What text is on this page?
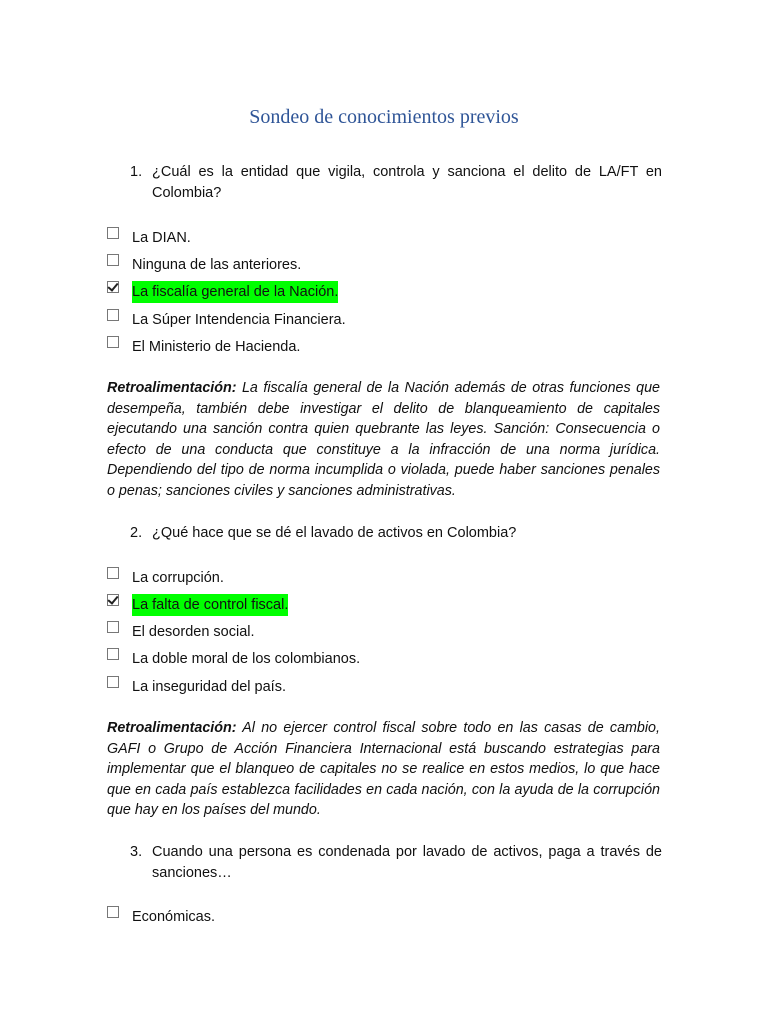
Sondeo de conocimientos previos
1. ¿Cuál es la entidad que vigila, controla y sanciona el delito de LA/FT en Colombia?
La DIAN.
Ninguna de las anteriores.
La fiscalía general de la Nación.
La Súper Intendencia Financiera.
El Ministerio de Hacienda.
Retroalimentación: La fiscalía general de la Nación además de otras funciones que desempeña, también debe investigar el delito de blanqueamiento de capitales ejecutando una sanción contra quien quebrante las leyes. Sanción: Consecuencia o efecto de una conducta que constituye a la infracción de una norma jurídica. Dependiendo del tipo de norma incumplida o violada, puede haber sanciones penales o penas; sanciones civiles y sanciones administrativas.
2. ¿Qué hace que se dé el lavado de activos en Colombia?
La corrupción.
La falta de control fiscal.
El desorden social.
La doble moral de los colombianos.
La inseguridad del país.
Retroalimentación: Al no ejercer control fiscal sobre todo en las casas de cambio, GAFI o Grupo de Acción Financiera Internacional está buscando estrategias para implementar que el blanqueo de capitales no se realice en estos medios, lo que hace que en cada país establezca facilidades en cada nación, con la ayuda de la corrupción que hay en los países del mundo.
3. Cuando una persona es condenada por lavado de activos, paga a través de sanciones…
Económicas.
